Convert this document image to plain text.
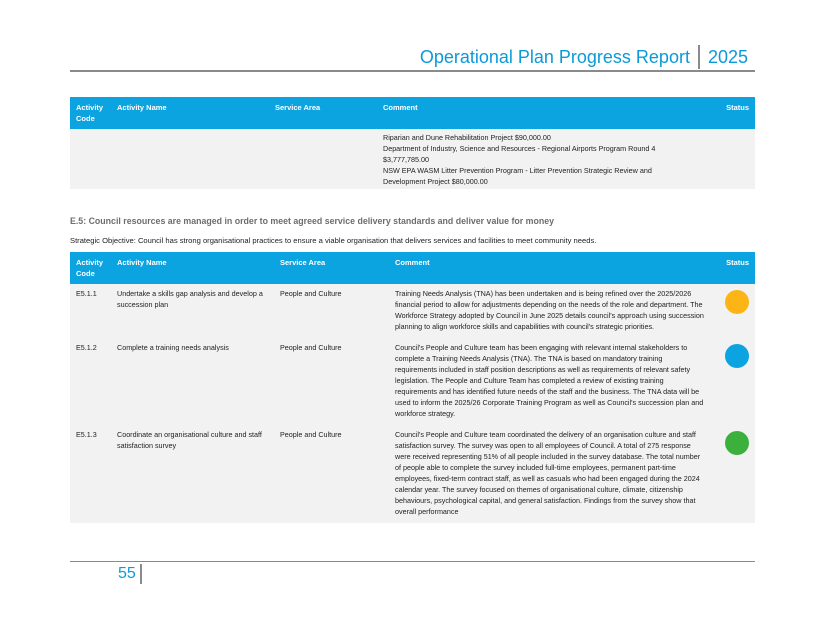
Operational Plan Progress Report	2025
Activity Code	Activity Name	Service Area	Comment	Status

			Riparian and Dune Rehabilitation Project $90,000.00
Department of Industry, Science and Resources - Regional Airports Program Round 4
$3,777,785.00
NSW EPA WASM Litter Prevention Program - Litter Prevention Strategic Review and
Development Project $80,000.00	

E.5: Council resources are managed in order to meet agreed service delivery standards and deliver value for money
Strategic Objective: Council has strong organisational practices to ensure a viable organisation that delivers services and facilities to meet community needs.
Activity Code	Activity Name	Service Area	Comment	Status
E5.1.1	Undertake a skills gap analysis and develop a succession plan	People and Culture	Training Needs Analysis (TNA) has been undertaken and is being refined over the 2025/2026 financial period to allow for adjustments depending on the needs of the role and department. The Workforce Strategy adopted by Council in June 2025 details council's approach using succession planning to align workforce skills and capabilities with council's strategic priorities.	
E5.1.2	Complete a training needs analysis	People and Culture	Council's People and Culture team has been engaging with relevant internal stakeholders to complete a Training Needs Analysis (TNA). The TNA is based on mandatory training requirements included in staff position descriptions as well as requirements of relevant safety legislation. The People and Culture Team has completed a review of existing training requirements and has identified future needs of the staff and the business. The TNA data will be used to inform the 2025/26 Corporate Training Program as well as Council's succession plan and workforce strategy.	
E5.1.3	Coordinate an organisational culture and staff satisfaction survey	People and Culture	Council's People and Culture team coordinated the delivery of an organisation culture and staff satisfaction survey. The survey was open to all employees of Council. A total of 275 response were received representing 51% of all people included in the survey database. The total number of people able to complete the survey included full-time employees, permanent part-time employees, fixed-term contract staff, as well as casuals who had been engaged during the 2024 calendar year. The survey focused on themes of organisational culture, climate, citizenship behaviours, psychological capital, and general satisfaction. Findings from the survey show that overall performance	
55
